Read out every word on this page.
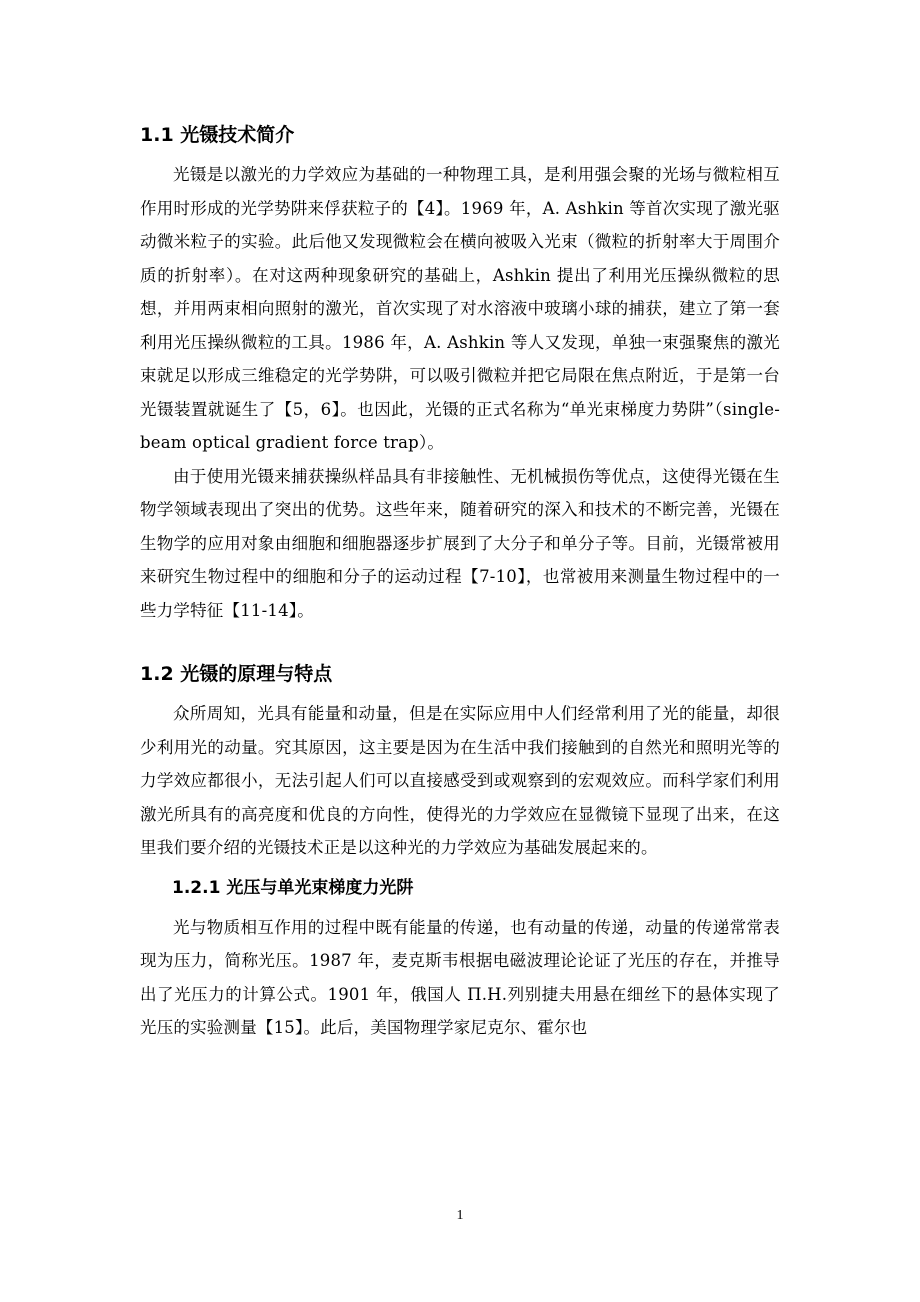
1.1 光镊技术简介

光镊是以激光的力学效应为基础的一种物理工具，是利用强会聚的光场与微粒相互作用时形成的光学势阱来俘获粒子的【4】。1969 年，A. Ashkin 等首次实现了激光驱动微米粒子的实验。此后他又发现微粒会在横向被吸入光束（微粒的折射率大于周围介质的折射率）。在对这两种现象研究的基础上，Ashkin 提出了利用光压操纵微粒的思想，并用两束相向照射的激光，首次实现了对水溶液中玻璃小球的捕获，建立了第一套利用光压操纵微粒的工具。1986 年，A. Ashkin 等人又发现，单独一束强聚焦的激光束就足以形成三维稳定的光学势阱，可以吸引微粒并把它局限在焦点附近，于是第一台光镊装置就诞生了【5，6】。也因此，光镊的正式名称为“单光束梯度力势阱”（single-beam optical gradient force trap）。

由于使用光镊来捕获操纵样品具有非接触性、无机械损伤等优点，这使得光镊在生物学领域表现出了突出的优势。这些年来，随着研究的深入和技术的不断完善，光镊在生物学的应用对象由细胞和细胞器逐步扩展到了大分子和单分子等。目前，光镊常被用来研究生物过程中的细胞和分子的运动过程【7-10】，也常被用来测量生物过程中的一些力学特征【11-14】。

1.2 光镊的原理与特点

众所周知，光具有能量和动量，但是在实际应用中人们经常利用了光的能量，却很少利用光的动量。究其原因，这主要是因为在生活中我们接触到的自然光和照明光等的力学效应都很小，无法引起人们可以直接感受到或观察到的宏观效应。而科学家们利用激光所具有的高亮度和优良的方向性，使得光的力学效应在显微镜下显现了出来，在这里我们要介绍的光镊技术正是以这种光的力学效应为基础发展起来的。

1.2.1 光压与单光束梯度力光阱

光与物质相互作用的过程中既有能量的传递，也有动量的传递，动量的传递常常表现为压力，简称光压。1987 年，麦克斯韦根据电磁波理论论证了光压的存在，并推导出了光压力的计算公式。1901 年，俄国人 П.Н.列别捷夫用悬在细丝下的悬体实现了光压的实验测量【15】。此后，美国物理学家尼克尔、霍尔也

1
